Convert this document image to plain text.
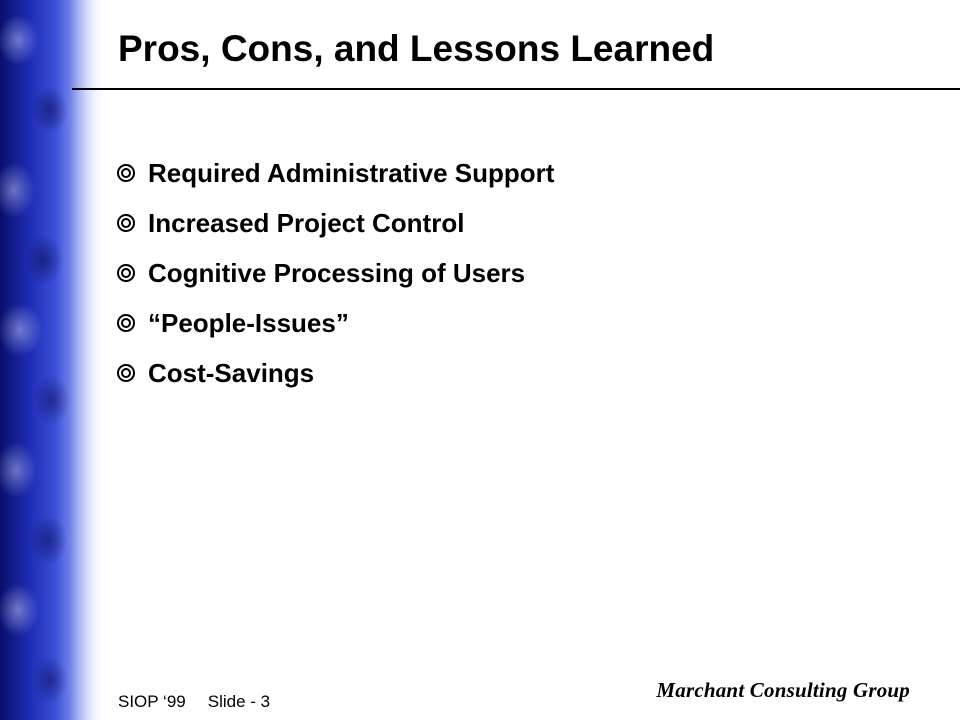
Pros, Cons, and Lessons Learned
Required Administrative Support
Increased Project Control
Cognitive Processing of Users
“People-Issues”
Cost-Savings
SIOP ‘99 Slide - 3	Marchant Consulting Group
